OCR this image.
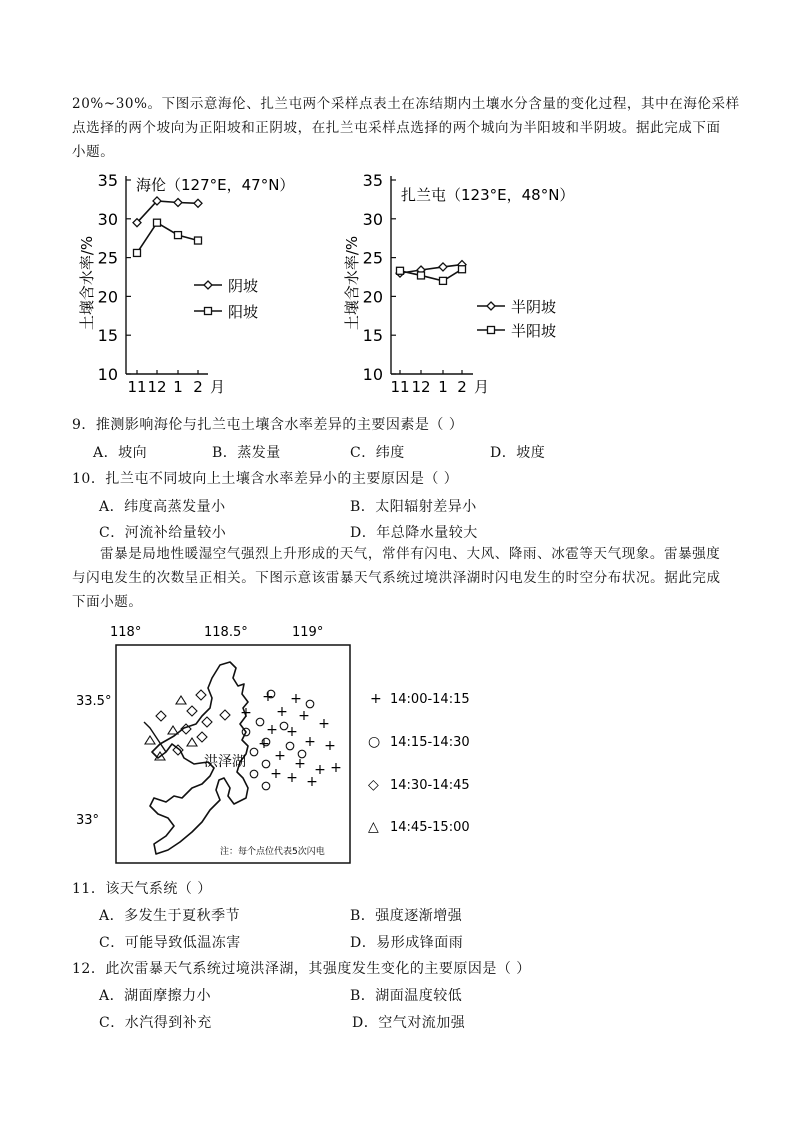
20%~30%。下图示意海伦、扎兰屯两个采样点表土在冻结期内土壤水分含量的变化过程，其中在海伦采样
点选择的两个坡向为正阳坡和正阴坡，在扎兰屯采样点选择的两个城向为半阳坡和半阴坡。据此完成下面
小题。
35
30
25
20
15
10
土壤含水率/%
11 12 1 2 月
海伦（127°E，47°N）
阴坡
阳坡
35
30
25
20
15
10
土壤含水率/%
11 12 1 2 月
扎兰屯（123°E，48°N）
半阴坡
半阳坡
9．推测影响海伦与扎兰屯土壤含水率差异的主要因素是（ ）
A．坡向	B．蒸发量	C．纬度	D．坡度
10．扎兰屯不同坡向上土壤含水率差异小的主要原因是（ ）
A．纬度高蒸发量小	B．太阳辐射差异小
C．河流补给量较小	D．年总降水量较大
雷暴是局地性暖湿空气强烈上升形成的天气，常伴有闪电、大风、降雨、冰雹等天气现象。雷暴强度
与闪电发生的次数呈正相关。下图示意该雷暴天气系统过境洪泽湖时闪电发生的时空分布状况。据此完成
下面小题。
118°	118.5°	119°
33.5°
33°
洪泽湖
注：每个点位代表5次闪电
+
+ +
+ + +
+ +
+ + +
+ + + +
+ + +
+ 14:00-14:15
○ 14:15-14:30
◇ 14:30-14:45
△ 14:45-15:00
11．该天气系统（ ）
A．多发生于夏秋季节	B．强度逐渐增强
C．可能导致低温冻害	D．易形成锋面雨
12．此次雷暴天气系统过境洪泽湖，其强度发生变化的主要原因是（ ）
A．湖面摩擦力小	B．湖面温度较低
C．水汽得到补充	D．空气对流加强
